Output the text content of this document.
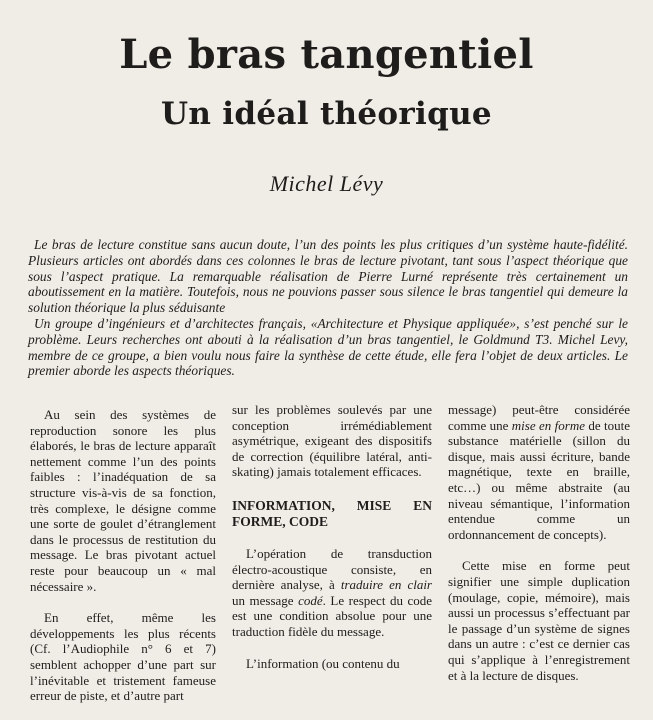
Le bras tangentiel
Un idéal théorique
Michel Lévy

Le bras de lecture constitue sans aucun doute, l’un des points les plus critiques d’un système haute-fidélité. Plusieurs articles ont abordés dans ces colonnes le bras de lecture pivotant, tant sous l’aspect théorique que sous l’aspect pratique. La remarquable réalisation de Pierre Lurné représente très certainement un aboutissement en la matière. Toutefois, nous ne pouvions passer sous silence le bras tangentiel qui demeure la solution théorique la plus séduisante

Un groupe d’ingénieurs et d’architectes français, «Architecture et Physique appliquée», s’est penché sur le problème. Leurs recherches ont abouti à la réalisation d’un bras tangentiel, le Goldmund T3. Michel Levy, membre de ce groupe, a bien voulu nous faire la synthèse de cette étude, elle fera l’objet de deux articles. Le premier aborde les aspects théoriques.

Au sein des systèmes de reproduction sonore les plus élaborés, le bras de lecture apparaît nettement comme l’un des points faibles : l’inadéquation de sa structure vis-à-vis de sa fonction, très complexe, le désigne comme une sorte de goulet d’étranglement dans le processus de restitution du message. Le bras pivotant actuel reste pour beaucoup un « mal nécessaire ».

En effet, même les développements les plus récents (Cf. l’Audiophile n° 6 et 7) semblent achopper d’une part sur l’inévitable et tristement fameuse erreur de piste, et d’autre part

sur les problèmes soulevés par une conception irrémédiablement asymétrique, exigeant des dispositifs de correction (équilibre latéral, anti-skating) jamais totalement efficaces.

INFORMATION, MISE EN FORME, CODE

L’opération de transduction électro-acoustique consiste, en dernière analyse, à traduire en clair un message codé. Le respect du code est une condition absolue pour une traduction fidèle du message.

L’information (ou contenu du

message) peut-être considérée comme une mise en forme de toute substance matérielle (sillon du disque, mais aussi écriture, bande magnétique, texte en braille, etc…) ou même abstraite (au niveau sémantique, l’information entendue comme un ordonnancement de concepts).

Cette mise en forme peut signifier une simple duplication (moulage, copie, mémoire), mais aussi un processus s’effectuant par le passage d’un système de signes dans un autre : c’est ce dernier cas qui s’applique à l’enregistrement et à la lecture de disques.
